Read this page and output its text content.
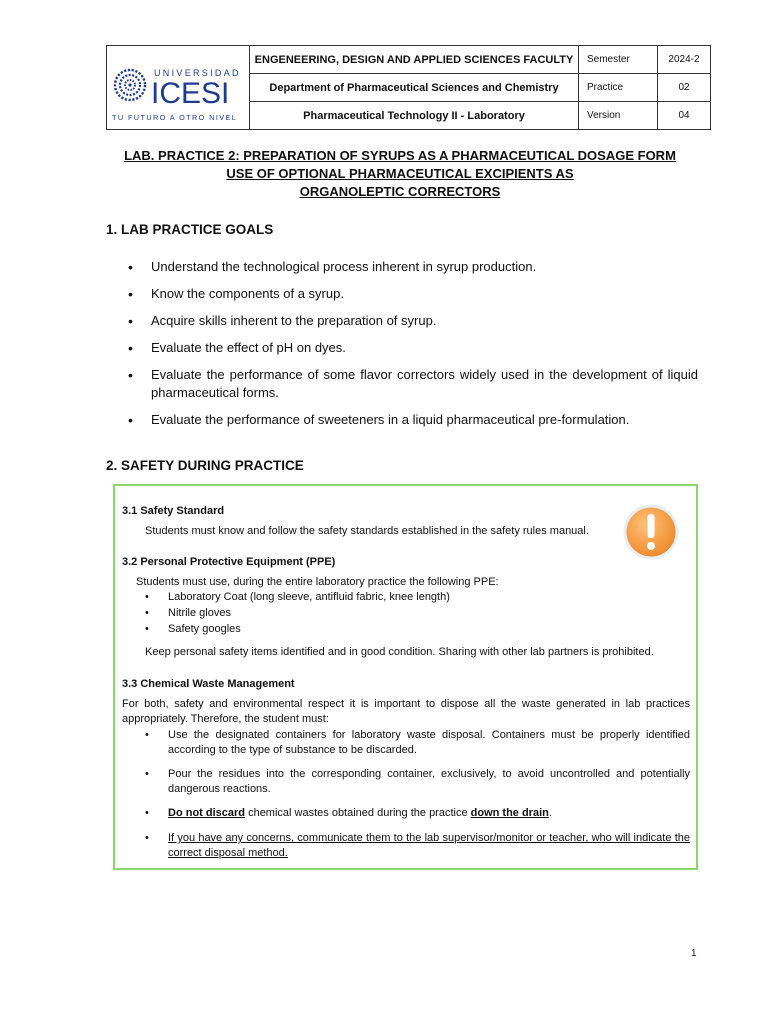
UNIVERSIDAD
ICESI
TU FUTURO A OTRO NIVEL	ENGENEERING, DESIGN AND APPLIED SCIENCES FACULTY	Semester	2024-2
	Department of Pharmaceutical Sciences and Chemistry	Practice	02
	Pharmaceutical Technology II - Laboratory	Version	04
LAB. PRACTICE 2: PREPARATION OF SYRUPS AS A PHARMACEUTICAL DOSAGE FORM
USE OF OPTIONAL PHARMACEUTICAL EXCIPIENTS AS
ORGANOLEPTIC CORRECTORS
1. LAB PRACTICE GOALS
• Understand the technological process inherent in syrup production.
• Know the components of a syrup.
• Acquire skills inherent to the preparation of syrup.
• Evaluate the effect of pH on dyes.
• Evaluate the performance of some flavor correctors widely used in the development of liquid pharmaceutical forms.
• Evaluate the performance of sweeteners in a liquid pharmaceutical pre-formulation.
2. SAFETY DURING PRACTICE
3.1 Safety Standard
Students must know and follow the safety standards established in the safety rules manual.
3.2 Personal Protective Equipment (PPE)
Students must use, during the entire laboratory practice the following PPE:
• Laboratory Coat (long sleeve, antifluid fabric, knee length)
• Nitrile gloves
• Safety googles
Keep personal safety items identified and in good condition. Sharing with other lab partners is prohibited.
3.3 Chemical Waste Management
For both, safety and environmental respect it is important to dispose all the waste generated in lab practices appropriately. Therefore, the student must:
• Use the designated containers for laboratory waste disposal. Containers must be properly identified according to the type of substance to be discarded.
• Pour the residues into the corresponding container, exclusively, to avoid uncontrolled and potentially dangerous reactions.
• Do not discard chemical wastes obtained during the practice down the drain.
• If you have any concerns, communicate them to the lab supervisor/monitor or teacher, who will indicate the correct disposal method.
1
